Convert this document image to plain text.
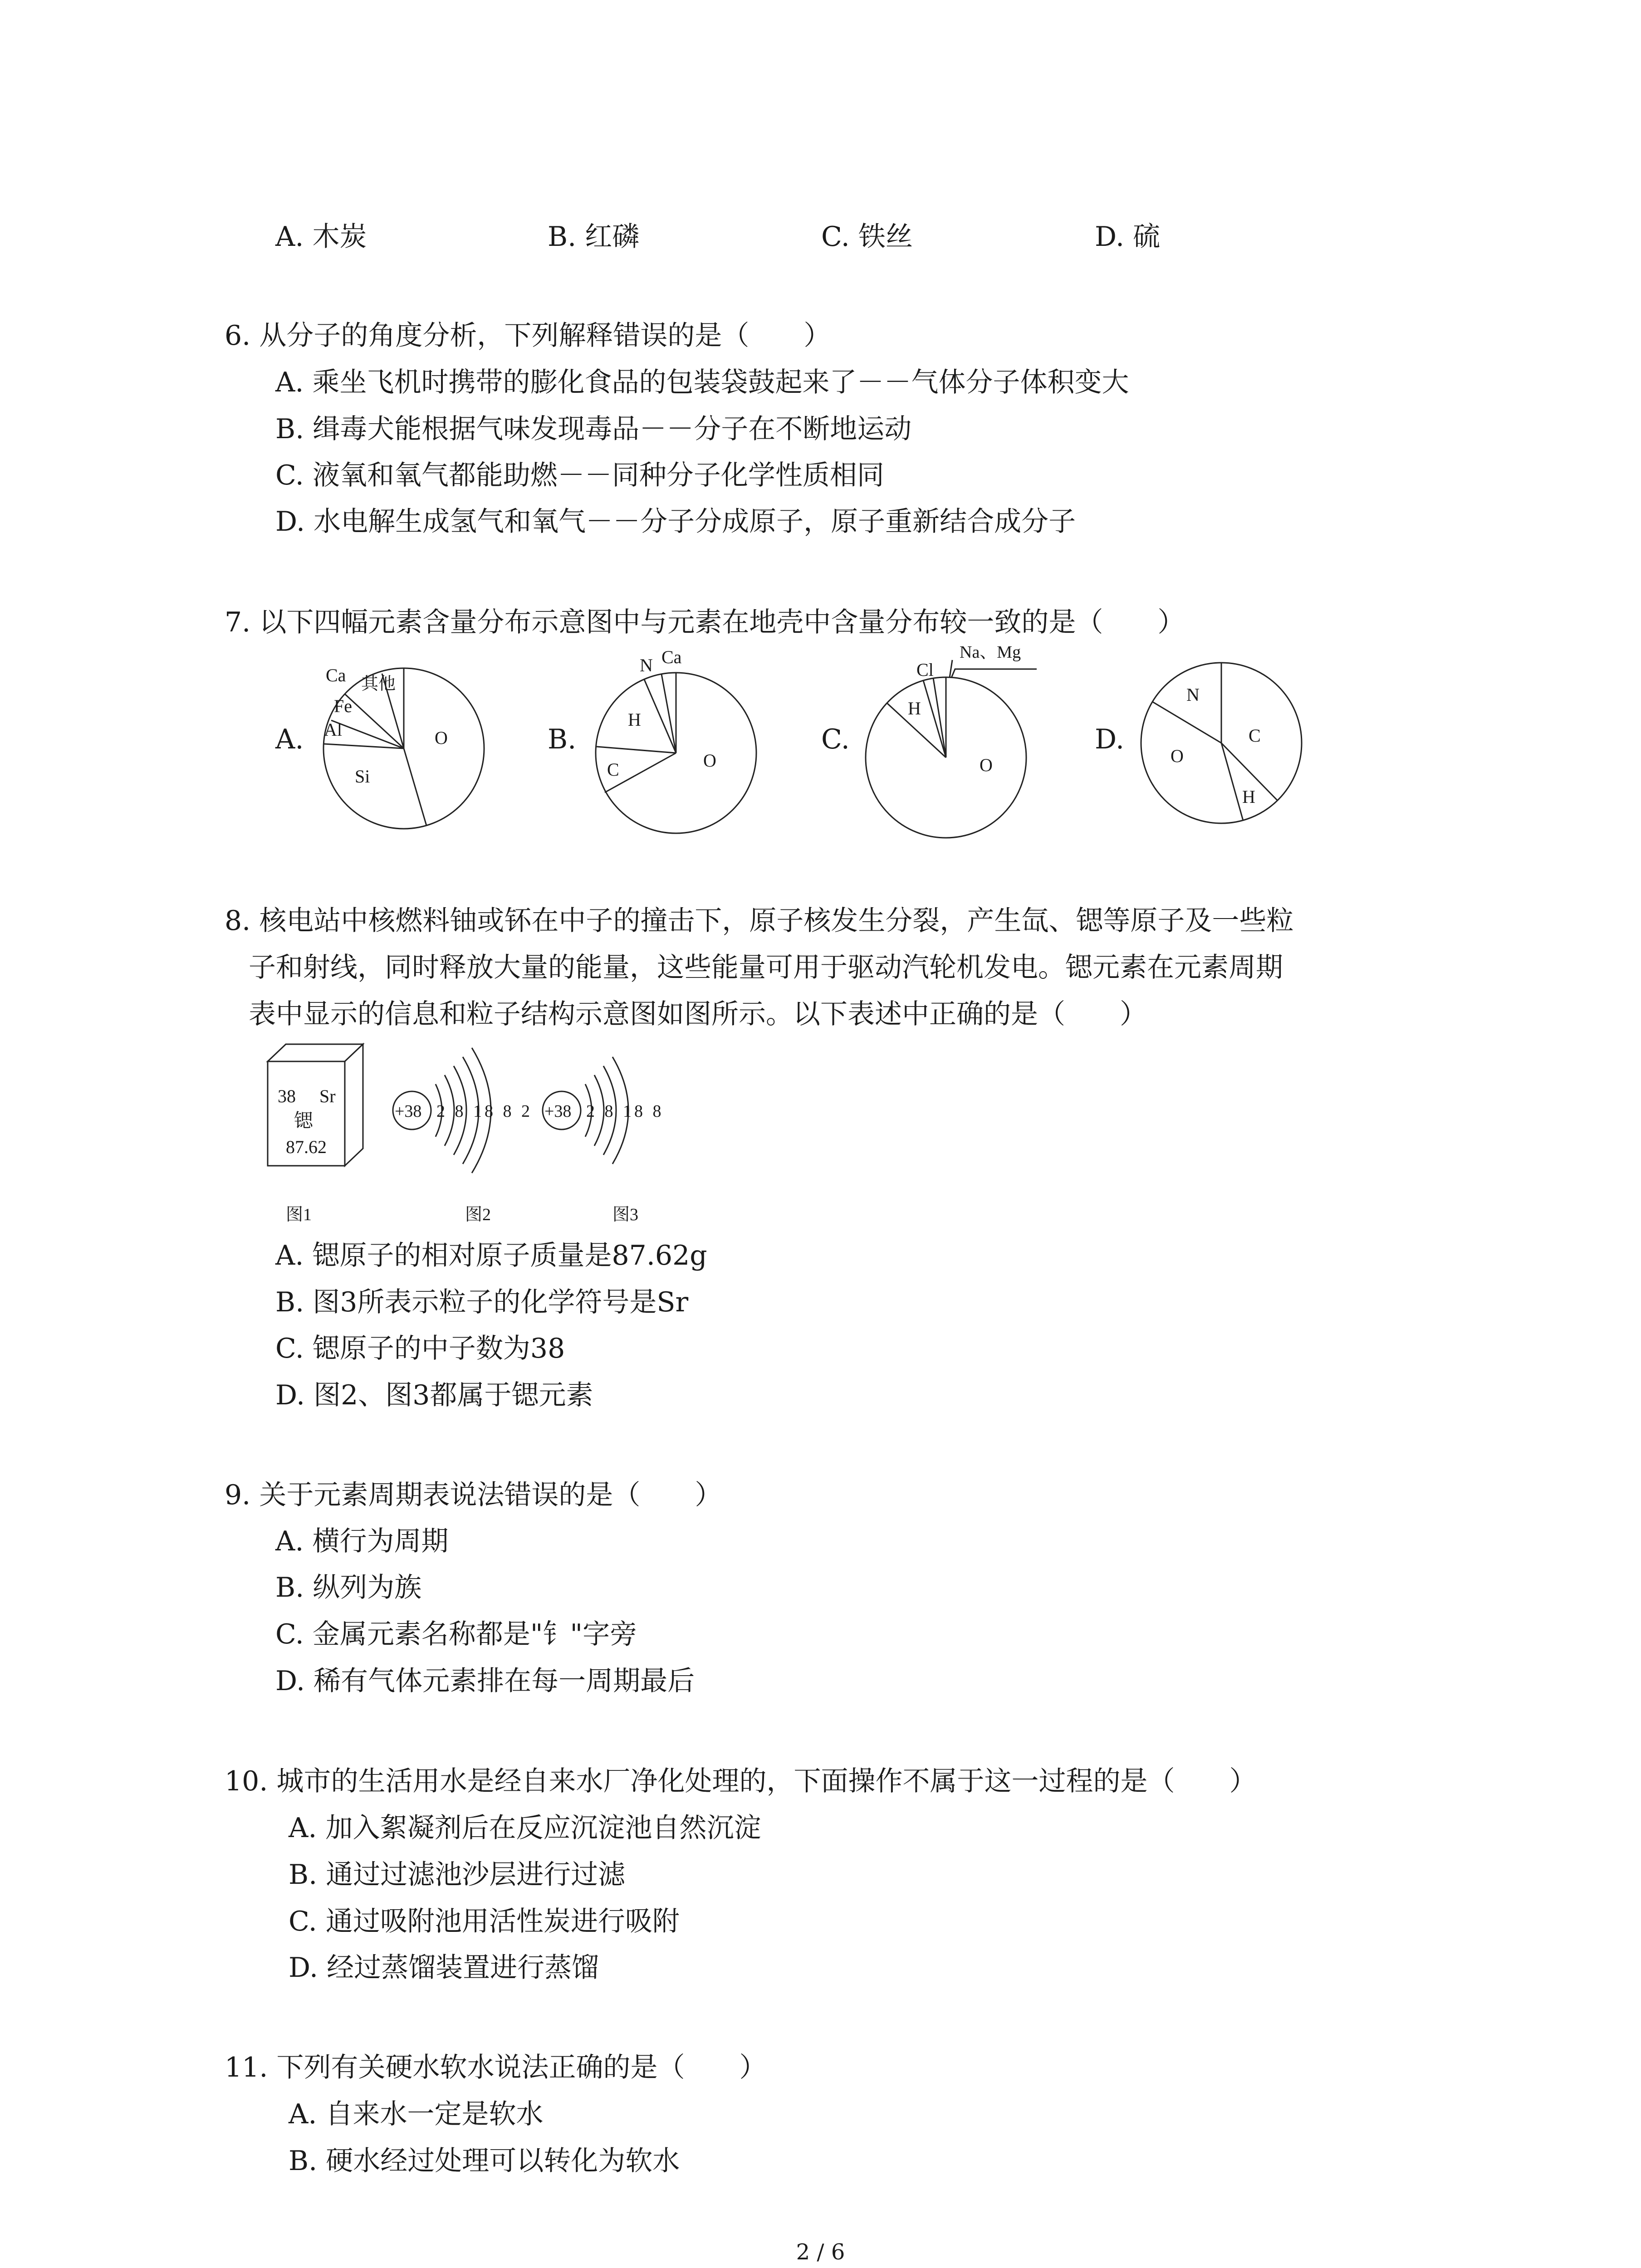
A. 木炭	B. 红磷	C. 铁丝	D. 硫
6. 从分子的角度分析，下列解释错误的是（　　）
A. 乘坐飞机时携带的膨化食品的包装袋鼓起来了－－气体分子体积变大
B. 缉毒犬能根据气味发现毒品－－分子在不断地运动
C. 液氧和氧气都能助燃－－同种分子化学性质相同
D. 水电解生成氢气和氧气－－分子分成原子，原子重新结合成分子
7. 以下四幅元素含量分布示意图中与元素在地壳中含量分布较一致的是（　　）
A.	B.	C.	D.
Ca 其他
Fe
Al	O
Si
N Ca
H
C	O
Cl
Na、Mg
H
O
N
C
O
H
8. 核电站中核燃料铀或钚在中子的撞击下，原子核发生分裂，产生氙、锶等原子及一些粒
子和射线，同时释放大量的能量，这些能量可用于驱动汽轮机发电。锶元素在元素周期
表中显示的信息和粒子结构示意图如图所示。以下表述中正确的是（　　）
38 Sr
锶
87.62
+38 2 8 18 8 2 +38 2 8 18 8
图1	图2	图3
A. 锶原子的相对原子质量是87.62g
B. 图3所表示粒子的化学符号是Sr
C. 锶原子的中子数为38
D. 图2、图3都属于锶元素
9. 关于元素周期表说法错误的是（　　）
A. 横行为周期
B. 纵列为族
C. 金属元素名称都是"钅"字旁
D. 稀有气体元素排在每一周期最后
10. 城市的生活用水是经自来水厂净化处理的，下面操作不属于这一过程的是（　　）
A. 加入絮凝剂后在反应沉淀池自然沉淀
B. 通过过滤池沙层进行过滤
C. 通过吸附池用活性炭进行吸附
D. 经过蒸馏装置进行蒸馏
11. 下列有关硬水软水说法正确的是（　　）
A. 自来水一定是软水
B. 硬水经过处理可以转化为软水
2 / 6
